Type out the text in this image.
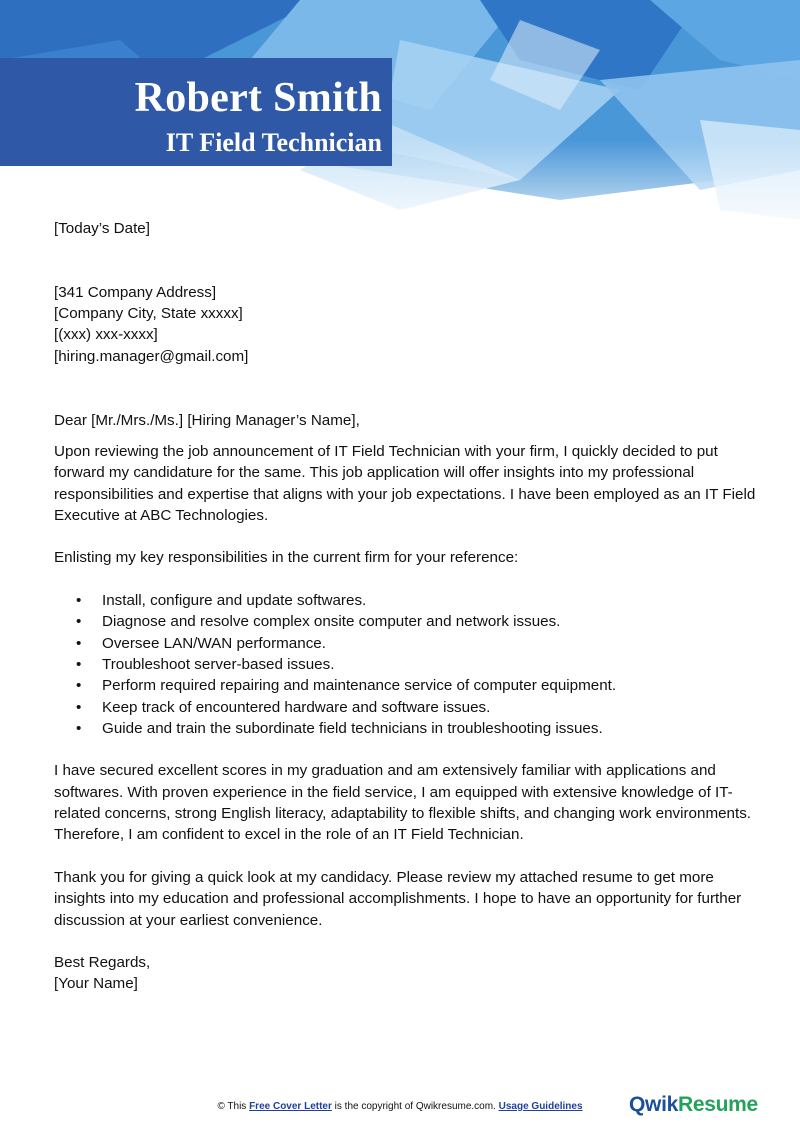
Robert Smith
IT Field Technician

[Today’s Date]

[341 Company Address]

[Company City, State xxxxx]

[(xxx) xxx-xxxx]

[hiring.manager@gmail.com]

Dear [Mr./Mrs./Ms.] [Hiring Manager’s Name],

Upon reviewing the job announcement of IT Field Technician with your firm, I quickly decided to put forward my candidature for the same. This job application will offer insights into my professional responsibilities and expertise that aligns with your job expectations. I have been employed as an IT Field Executive at ABC Technologies.

Enlisting my key responsibilities in the current firm for your reference:

• Install, configure and update softwares.
• Diagnose and resolve complex onsite computer and network issues.
• Oversee LAN/WAN performance.
• Troubleshoot server-based issues.
• Perform required repairing and maintenance service of computer equipment.
• Keep track of encountered hardware and software issues.
• Guide and train the subordinate field technicians in troubleshooting issues.

I have secured excellent scores in my graduation and am extensively familiar with applications and softwares. With proven experience in the field service, I am equipped with extensive knowledge of IT-related concerns, strong English literacy, adaptability to flexible shifts, and changing work environments. Therefore, I am confident to excel in the role of an IT Field Technician.

Thank you for giving a quick look at my candidacy. Please review my attached resume to get more insights into my education and professional accomplishments. I hope to have an opportunity for further discussion at your earliest convenience.

Best Regards,

[Your Name]

© This Free Cover Letter is the copyright of Qwikresume.com. Usage Guidelines	QwikResume
